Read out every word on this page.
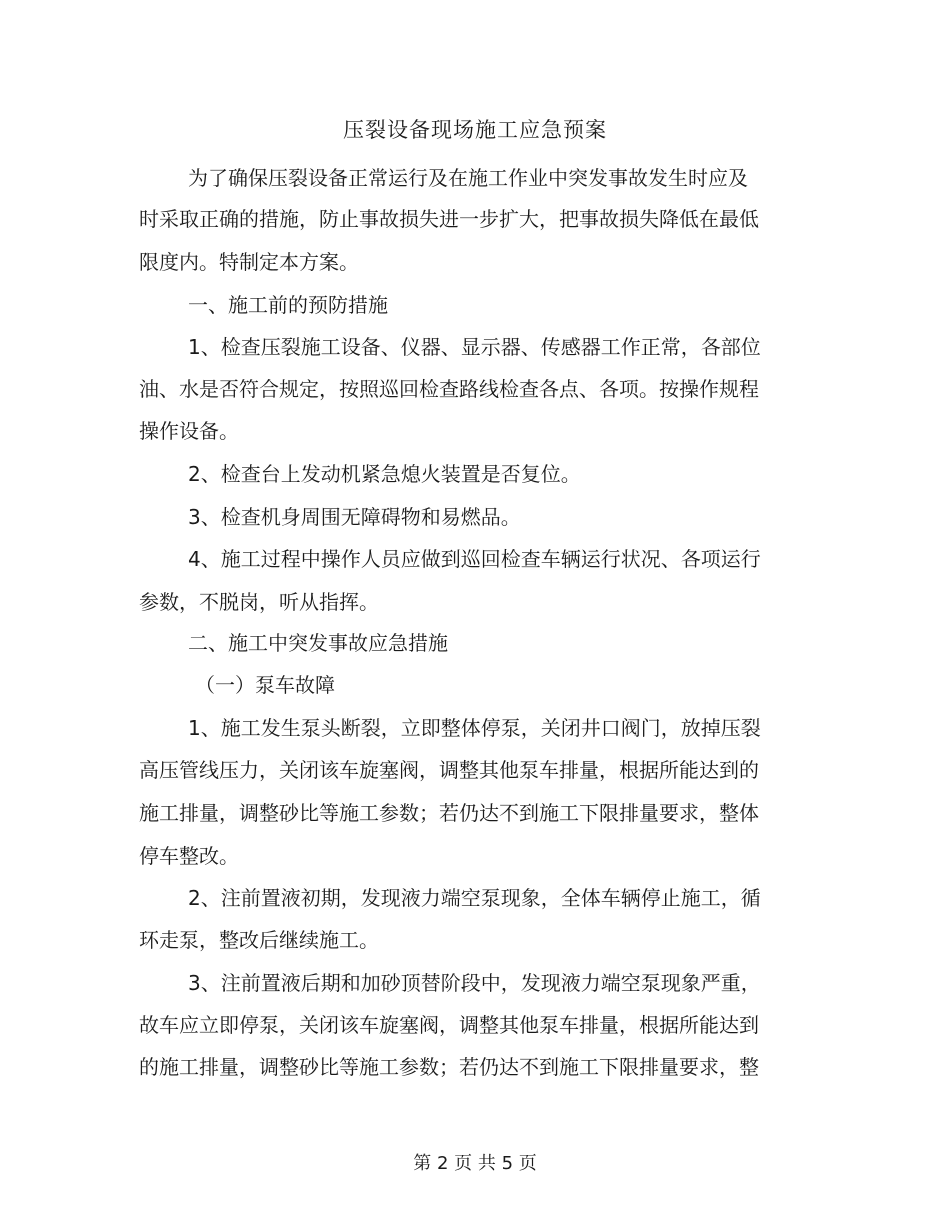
压裂设备现场施工应急预案

为了确保压裂设备正常运行及在施工作业中突发事故发生时应及

时采取正确的措施，防止事故损失进一步扩大，把事故损失降低在最低

限度内。特制定本方案。

一、施工前的预防措施

1、检查压裂施工设备、仪器、显示器、传感器工作正常，各部位

油、水是否符合规定，按照巡回检查路线检查各点、各项。按操作规程

操作设备。

2、检查台上发动机紧急熄火装置是否复位。

3、检查机身周围无障碍物和易燃品。

4、施工过程中操作人员应做到巡回检查车辆运行状况、各项运行

参数，不脱岗，听从指挥。

二、施工中突发事故应急措施

（一）泵车故障

1、施工发生泵头断裂，立即整体停泵，关闭井口阀门，放掉压裂

高压管线压力，关闭该车旋塞阀，调整其他泵车排量，根据所能达到的

施工排量，调整砂比等施工参数；若仍达不到施工下限排量要求，整体

停车整改。

2、注前置液初期，发现液力端空泵现象，全体车辆停止施工，循

环走泵，整改后继续施工。

3、注前置液后期和加砂顶替阶段中，发现液力端空泵现象严重，

故车应立即停泵，关闭该车旋塞阀，调整其他泵车排量，根据所能达到

的施工排量，调整砂比等施工参数；若仍达不到施工下限排量要求，整

第 2 页 共 5 页
